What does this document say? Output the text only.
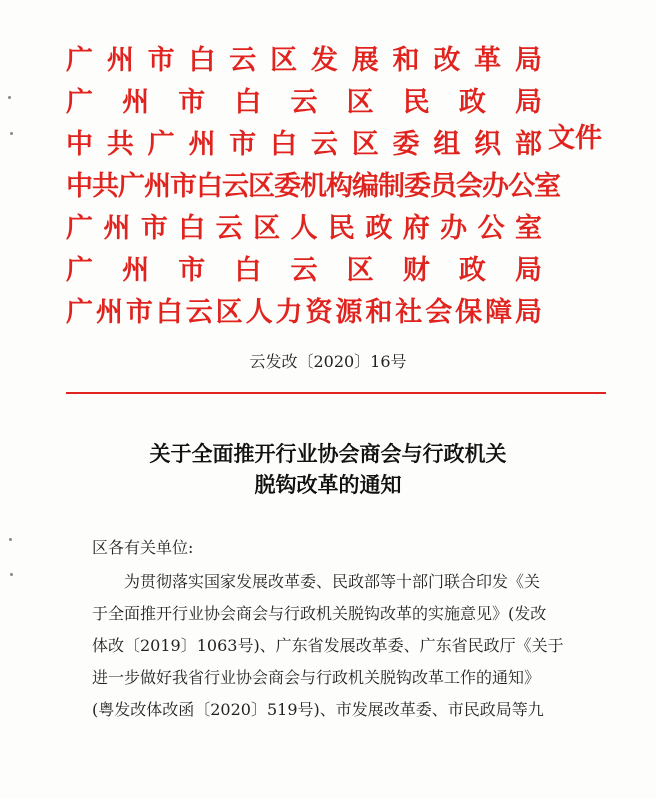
广州市白云区发展和改革局
广州市白云区民政局
中共广州市白云区委组织部
中共广州市白云区委机构编制委员会办公室
广州市白云区人民政府办公室
广州市白云区财政局
广州市白云区人力资源和社会保障局
文件
云发改〔2020〕16号
关于全面推开行业协会商会与行政机关
脱钩改革的通知
区各有关单位:
为贯彻落实国家发展改革委、民政部等十部门联合印发《关
于全面推开行业协会商会与行政机关脱钩改革的实施意见》(发改
体改〔2019〕1063号)、广东省发展改革委、广东省民政厅《关于
进一步做好我省行业协会商会与行政机关脱钩改革工作的通知》
(粤发改体改函〔2020〕519号)、市发展改革委、市民政局等九
